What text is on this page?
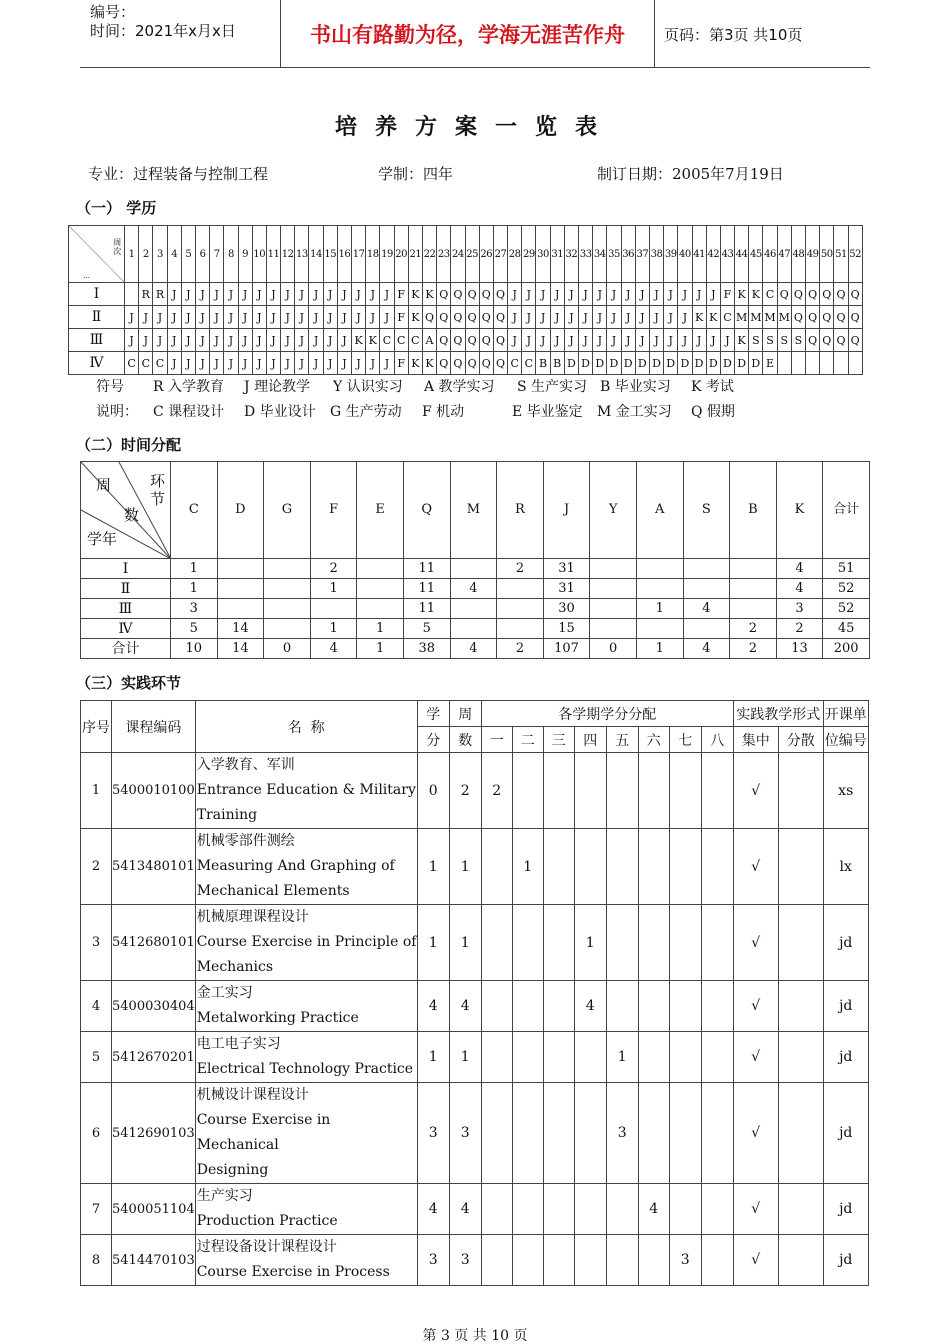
编号：
时间：2021年x月x日	书山有路勤为径，学海无涯苦作舟	页码：第3页 共10页
培养方案一览表
专业：过程装备与控制工程	学制：四年	制订日期：2005年7月19日
（一） 学历
周次
…	1	2	3	4	5	6	7	8	9	10	11	12	13	14	15	16	17	18	19	20	21	22	23	24	25	26	27	28	29	30	31	32	33	34	35	36	37	38	39	40	41	42	43	44	45	46	47	48	49	50	51	52
Ⅰ		R	R	J	J	J	J	J	J	J	J	J	J	J	J	J	J	J	J	F	K	K	Q	Q	Q	Q	Q	J	J	J	J	J	J	J	J	J	J	J	J	J	J	J	F	K	K	C	Q	Q	Q	Q	Q	Q
Ⅱ	J	J	J	J	J	J	J	J	J	J	J	J	J	J	J	J	J	J	J	F	K	Q	Q	Q	Q	Q	Q	J	J	J	J	J	J	J	J	J	J	J	J	J	K	K	C	M	M	M	M	Q	Q	Q	Q	Q
Ⅲ	J	J	J	J	J	J	J	J	J	J	J	J	J	J	J	J	K	K	C	C	C	A	Q	Q	Q	Q	Q	J	J	J	J	J	J	J	J	J	J	J	J	J	J	J	J	K	S	S	S	S	Q	Q	Q	Q
Ⅳ	C	C	C	J	J	J	J	J	J	J	J	J	J	J	J	J	J	J	J	F	K	K	Q	Q	Q	Q	Q	C	C	B	B	D	D	D	D	D	D	D	D	D	D	D	D	D	D	E						
符号 R 入学教育 J 理论教学 Y 认识实习 A 教学实习 S 生产实习 B 毕业实习 K 考试
说明： C 课程设计 D 毕业设计 G 生产劳动 F 机动	E 毕业鉴定 M 金工实习 Q 假期
（二）时间分配
周 环节
数
学年	C	D	G	F	E	Q	M	R	J	Y	A	S	B	K	合计
Ⅰ	1			2		11		2	31					4	51
Ⅱ	1			1		11	4		31					4	52
Ⅲ	3					11			30		1	4		3	52
Ⅳ	5	14		1	1	5			15				2	2	45
合计	10	14	0	4	1	38	4	2	107	0	1	4	2	13	200
（三）实践环节
序号	课程编码	名  称	学	周	各学期学分分配								实践教学形式		开课单
			分	数	一	二	三	四	五	六	七	八	集中	分散	位编号
1	5400010100	入学教育、军训
Entrance Education & Military
Training	0	2	2								√		xs
2	5413480101	机械零部件测绘
Measuring And Graphing of
Mechanical Elements	1	1		1							√		lx
3	5412680101	机械原理课程设计
Course Exercise in Principle of
Mechanics	1	1				1					√		jd
4	5400030404	金工实习
Metalworking Practice	4	4				4					√		jd
5	5412670201	电工电子实习
Electrical Technology Practice	1	1					1				√		jd
6	5412690103	机械设计课程设计
Course Exercise in Mechanical
Designing	3	3					3				√		jd
7	5400051104	生产实习
Production Practice	4	4						4			√		jd
8	5414470103	过程设备设计课程设计
Course Exercise in Process	3	3							3		√		jd
第 3 页 共 10 页
